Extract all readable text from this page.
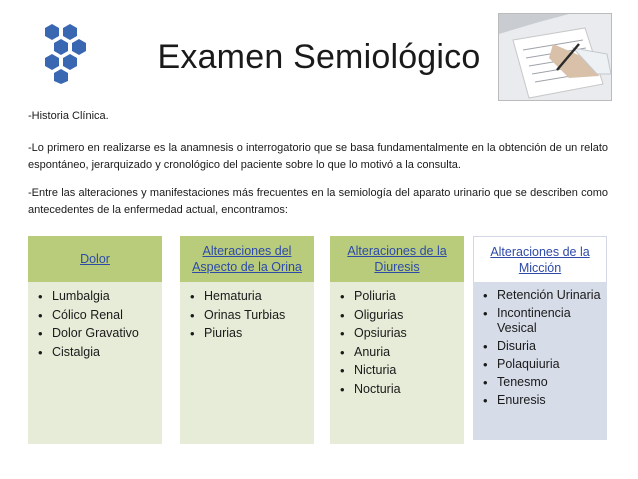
Examen Semiológico
-Historia Clínica.
-Lo primero en realizarse es la anamnesis o interrogatorio que se basa fundamentalmente en la obtención de un relato espontáneo, jerarquizado y cronológico del paciente sobre lo que lo motivó a la consulta.
-Entre las alteraciones y manifestaciones más frecuentes en la semiología del aparato urinario que se describen como antecedentes de la enfermedad actual, encontramos:
Dolor
• Lumbalgia
• Cólico Renal
• Dolor Gravativo
• Cistalgia
Alteraciones del Aspecto de la Orina
• Hematuria
• Orinas Turbias
• Piurias
Alteraciones de la Diuresis
• Poliuria
• Oligurias
• Opsiurias
• Anuria
• Nicturia
• Nocturia
Alteraciones de la Micción
• Retención Urinaria
• Incontinencia Vesical
• Disuria
• Polaquiuria
• Tenesmo
• Enuresis
